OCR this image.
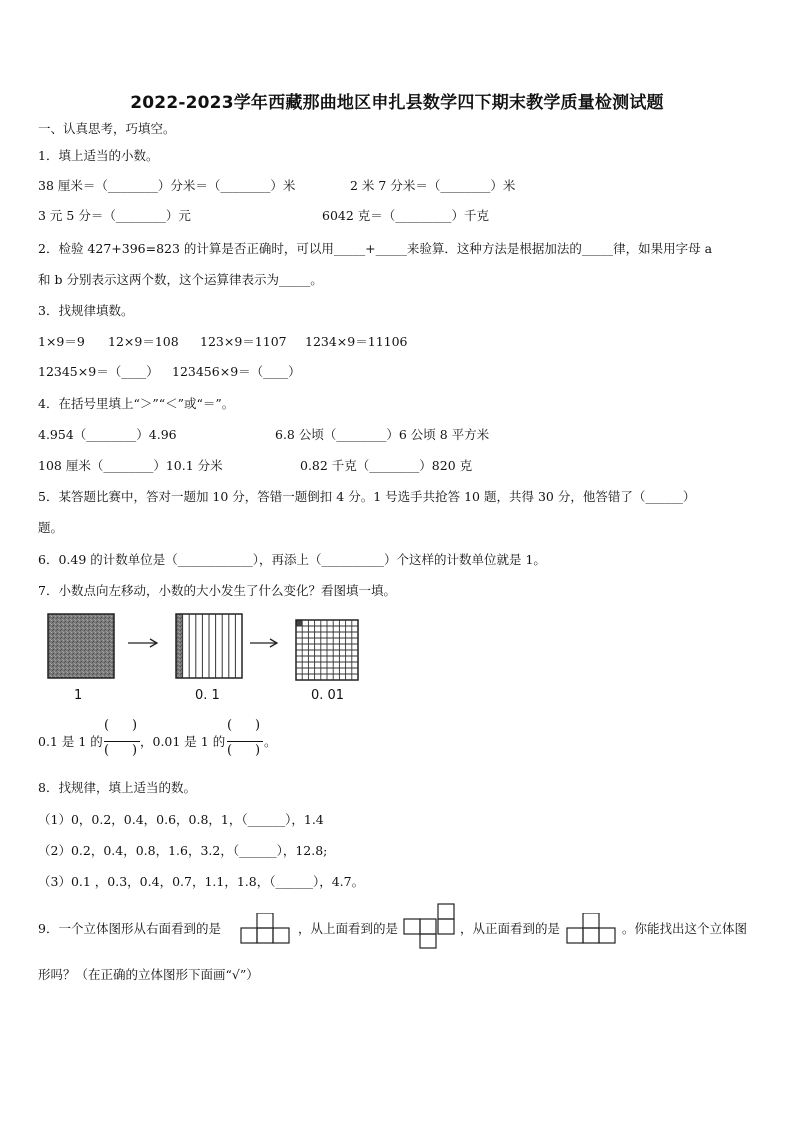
2022-2023学年西藏那曲地区申扎县数学四下期末教学质量检测试题
一、认真思考，巧填空。
1．填上适当的小数。
38 厘米＝（________）分米＝（________）米	2 米 7 分米＝（________）米
3 元 5 分＝（________）元	6042 克＝（_________）千克
2．检验 427+396=823 的计算是否正确时，可以用_____+_____来验算．这种方法是根据加法的_____律，如果用字母 a
和 b 分别表示这两个数，这个运算律表示为_____。
3．找规律填数。
1×9＝9 12×9＝108 123×9＝1107 1234×9＝11106
12345×9＝（____） 123456×9＝（____）
4．在括号里填上“＞”“＜”或“＝”。
4.954（________）4.96	6.8 公顷（________）6 公顷 8 平方米
108 厘米（________）10.1 分米	0.82 千克（________）820 克
5．某答题比赛中，答对一题加 10 分，答错一题倒扣 4 分。1 号选手共抢答 10 题，共得 30 分，他答错了（______）
题。
6．0.49 的计数单位是（____________），再添上（__________）个这样的计数单位就是 1。
7．小数点向左移动，小数的大小发生了什么变化？看图填一填。
1	0. 1	0. 01
0.1 是 1 的
( )
( )
，0.01 是 1 的
( )
( )
。
8．找规律，填上适当的数。
（1）0，0.2，0.4，0.6，0.8，1，（______），1.4
（2）0.2，0.4，0.8，1.6，3.2，（______），12.8;
（3）0.1 ，0.3，0.4，0.7，1.1，1.8，（______），4.7。
9．一个立体图形从右面看到的是	，从上面看到的是	，从正面看到的是	。你能找出这个立体图
形吗？（在正确的立体图形下面画“√”）
